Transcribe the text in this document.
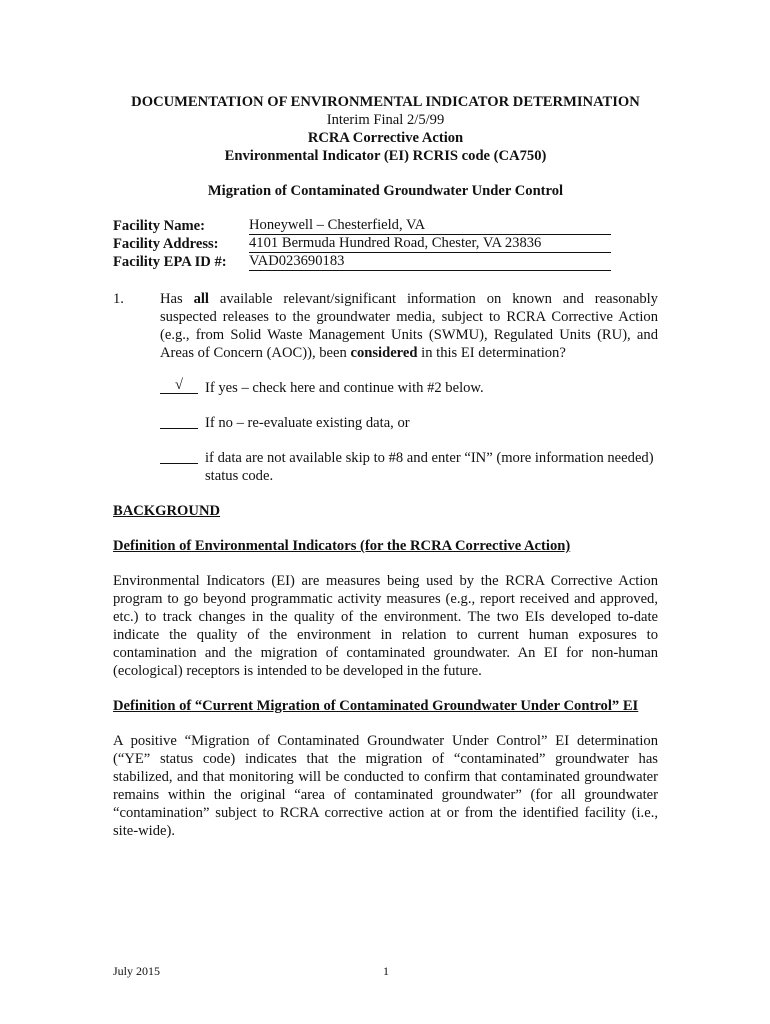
DOCUMENTATION OF ENVIRONMENTAL INDICATOR DETERMINATION
Interim Final 2/5/99
RCRA Corrective Action
Environmental Indicator (EI) RCRIS code (CA750)
Migration of Contaminated Groundwater Under Control
Facility Name:	Honeywell – Chesterfield, VA
Facility Address:	4101 Bermuda Hundred Road, Chester, VA 23836
Facility EPA ID #:	VAD023690183
1.	Has all available relevant/significant information on known and reasonably suspected releases to the groundwater media, subject to RCRA Corrective Action (e.g., from Solid Waste Management Units (SWMU), Regulated Units (RU), and Areas of Concern (AOC)), been considered in this EI determination?
√	If yes – check here and continue with #2 below.
If no – re-evaluate existing data, or
if data are not available skip to #8 and enter “IN” (more information needed)
status code.
BACKGROUND
Definition of Environmental Indicators (for the RCRA Corrective Action)
Environmental Indicators (EI) are measures being used by the RCRA Corrective Action program to go beyond programmatic activity measures (e.g., report received and approved, etc.) to track changes in the quality of the environment. The two EIs developed to-date indicate the quality of the environment in relation to current human exposures to contamination and the migration of contaminated groundwater. An EI for non-human (ecological) receptors is intended to be developed in the future.
Definition of “Current Migration of Contaminated Groundwater Under Control” EI
A positive “Migration of Contaminated Groundwater Under Control” EI determination (“YE” status code) indicates that the migration of “contaminated” groundwater has stabilized, and that monitoring will be conducted to confirm that contaminated groundwater remains within the original “area of contaminated groundwater” (for all groundwater “contamination” subject to RCRA corrective action at or from the identified facility (i.e., site-wide).
July 2015	1
